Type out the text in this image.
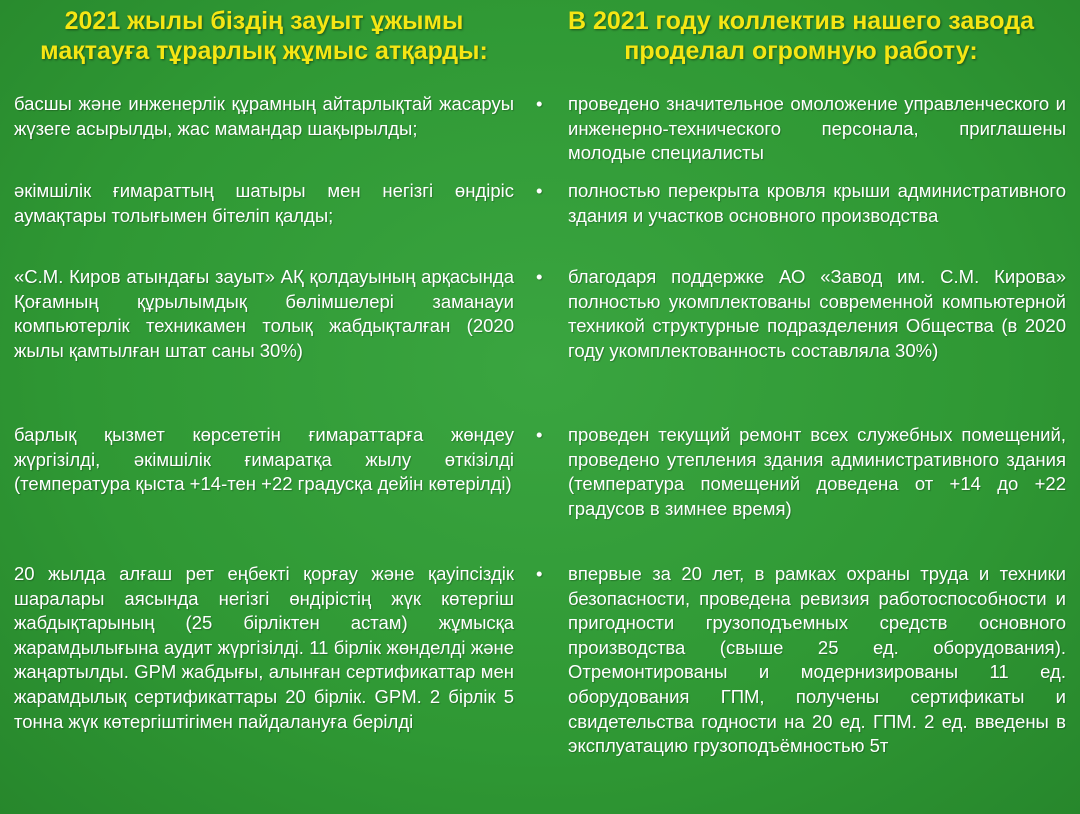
2021 жылы біздің зауыт ұжымы
мақтауға тұрарлық жұмыс атқарды:
басшы және инженерлік құрамның айтарлықтай жасаруы жүзеге асырылды, жас мамандар шақырылды;
әкімшілік ғимараттың шатыры мен негізгі өндіріс аумақтары толығымен бітеліп қалды;
«С.М. Киров атындағы зауыт» АҚ қолдауының арқасында Қоғамның құрылымдық бөлімшелері заманауи компьютерлік техникамен толық жабдықталған (2020 жылы қамтылған штат саны 30%)
барлық қызмет көрсететін ғимараттарға жөндеу жүргізілді, әкімшілік ғимаратқа жылу өткізілді (температура қыста +14-тен +22 градусқа дейін көтерілді)
20 жылда алғаш рет еңбекті қорғау және қауіпсіздік шаралары аясында негізгі өндірістің жүк көтергіш жабдықтарының (25 бірліктен астам) жұмысқа жарамдылығына аудит жүргізілді. 11 бірлік жөнделді және жаңартылды. GPM жабдығы, алынған сертификаттар мен жарамдылық сертификаттары 20 бірлік. GPM. 2 бірлік 5 тонна жүк көтергіштігімен пайдалануға берілді
В 2021 году коллектив нашего завода
проделал огромную работу:
•	проведено значительное омоложение управленческого и инженерно-технического персонала, приглашены молодые специалисты
•	полностью перекрыта кровля крыши административного здания и участков основного производства
•	благодаря поддержке АО «Завод им. С.М. Кирова» полностью укомплектованы современной компьютерной техникой структурные подразделения Общества (в 2020 году укомплектованность составляла 30%)
•	проведен текущий ремонт всех служебных помещений, проведено утепления здания административного здания (температура помещений доведена от +14 до +22 градусов в зимнее время)
•	впервые за 20 лет, в рамках охраны труда и техники безопасности, проведена ревизия работоспособности и пригодности грузоподъемных средств основного производства (свыше 25 ед. оборудования). Отремонтированы и модернизированы 11 ед. оборудования ГПМ, получены сертификаты и свидетельства годности на 20 ед. ГПМ. 2 ед. введены в эксплуатацию грузоподъёмностью 5т
